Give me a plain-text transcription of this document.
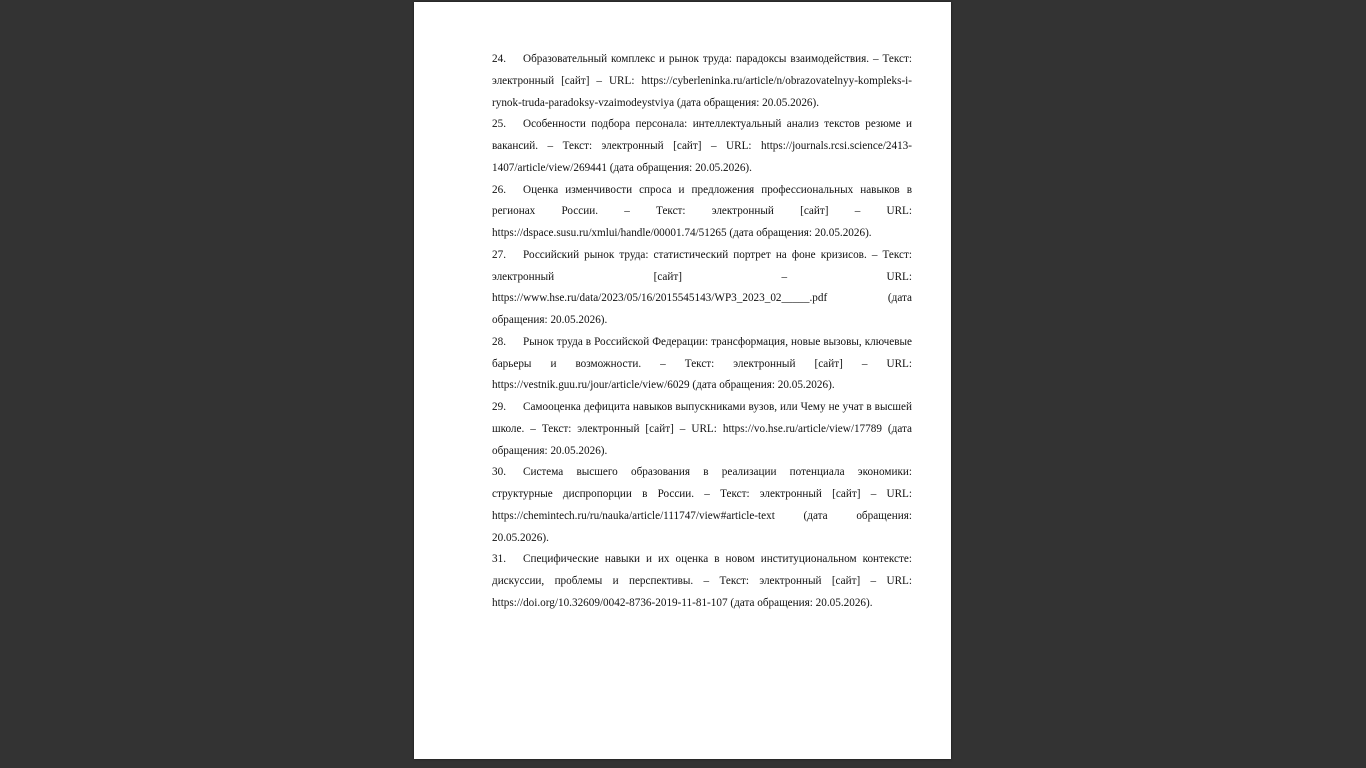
24. Образовательный комплекс и рынок труда: парадоксы взаимодействия. – Текст: электронный [сайт] – URL: https://cyberleninka.ru/article/n/obrazovatelnyy-kompleks-i-rynok-truda-paradoksy-vzaimodeystviya (дата обращения: 20.05.2026).

25. Особенности подбора персонала: интеллектуальный анализ текстов резюме и вакансий. – Текст: электронный [сайт] – URL: https://journals.rcsi.science/2413-1407/article/view/269441 (дата обращения: 20.05.2026).

26. Оценка изменчивости спроса и предложения профессиональных навыков в регионах России. – Текст: электронный [сайт] – URL: https://dspace.susu.ru/xmlui/handle/00001.74/51265 (дата обращения: 20.05.2026).

27. Российский рынок труда: статистический портрет на фоне кризисов. – Текст: электронный [сайт] – URL: https://www.hse.ru/data/2023/05/16/2015545143/WP3_2023_02_____.pdf (дата обращения: 20.05.2026).

28. Рынок труда в Российской Федерации: трансформация, новые вызовы, ключевые барьеры и возможности. – Текст: электронный [сайт] – URL: https://vestnik.guu.ru/jour/article/view/6029 (дата обращения: 20.05.2026).

29. Самооценка дефицита навыков выпускниками вузов, или Чему не учат в высшей школе. – Текст: электронный [сайт] – URL: https://vo.hse.ru/article/view/17789 (дата обращения: 20.05.2026).

30. Система высшего образования в реализации потенциала экономики: структурные диспропорции в России. – Текст: электронный [сайт] – URL: https://chemintech.ru/ru/nauka/article/111747/view#article-text (дата обращения: 20.05.2026).

31. Специфические навыки и их оценка в новом институциональном контексте: дискуссии, проблемы и перспективы. – Текст: электронный [сайт] – URL: https://doi.org/10.32609/0042-8736-2019-11-81-107 (дата обращения: 20.05.2026).
